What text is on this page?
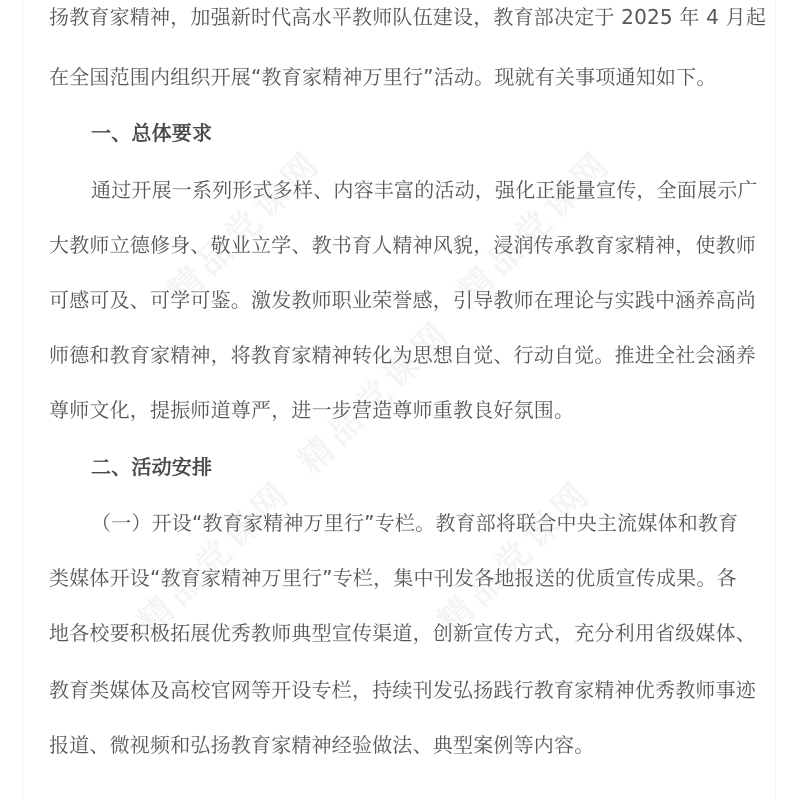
扬教育家精神，加强新时代高水平教师队伍建设，教育部决定于 2025 年 4 月起
在全国范围内组织开展“教育家精神万里行”活动。现就有关事项通知如下。
一、总体要求
通过开展一系列形式多样、内容丰富的活动，强化正能量宣传，全面展示广
大教师立德修身、敬业立学、教书育人精神风貌，浸润传承教育家精神，使教师
可感可及、可学可鉴。激发教师职业荣誉感，引导教师在理论与实践中涵养高尚
师德和教育家精神，将教育家精神转化为思想自觉、行动自觉。推进全社会涵养
尊师文化，提振师道尊严，进一步营造尊师重教良好氛围。
二、活动安排
（一）开设“教育家精神万里行”专栏。教育部将联合中央主流媒体和教育
类媒体开设“教育家精神万里行”专栏，集中刊发各地报送的优质宣传成果。各
地各校要积极拓展优秀教师典型宣传渠道，创新宣传方式，充分利用省级媒体、
教育类媒体及高校官网等开设专栏，持续刊发弘扬践行教育家精神优秀教师事迹
报道、微视频和弘扬教育家精神经验做法、典型案例等内容。
